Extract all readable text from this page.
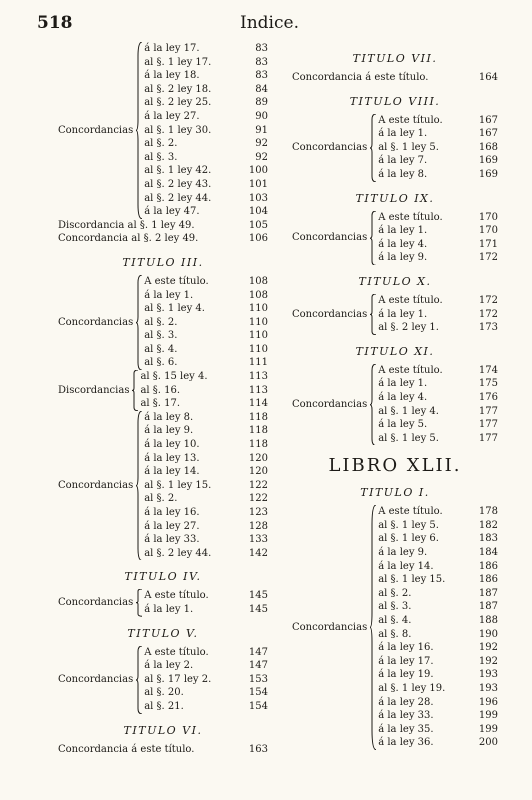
518	Indice.
Concordancias
á la ley 17.	83
al §. 1 ley 17.	83
á la ley 18.	83
al §. 2 ley 18.	84
al §. 2 ley 25.	89
á la ley 27.	90
al §. 1 ley 30.	91
al §. 2.	92
al §. 3.	92
al §. 1 ley 42.	100
al §. 2 ley 43.	101
al §. 2 ley 44.	103
á la ley 47.	104
Discordancia al §. 1 ley 49.	105
Concordancia al §. 2 ley 49.	106
TITULO III.
Concordancias
A este título.	108
á la ley 1.	108
al §. 1 ley 4.	110
al §. 2.	110
al §. 3.	110
al §. 4.	110
al §. 6.	111
Discordancias
al §. 15 ley 4.	113
al §. 16.	113
al §. 17.	114
Concordancias
á la ley 8.	118
á la ley 9.	118
á la ley 10.	118
á la ley 13.	120
á la ley 14.	120
al §. 1 ley 15.	122
al §. 2.	122
á la ley 16.	123
á la ley 27.	128
á la ley 33.	133
al §. 2 ley 44.	142
TITULO IV.
Concordancias
A este título.	145
á la ley 1.	145
TITULO V.
Concordancias
A este título.	147
á la ley 2.	147
al §. 17 ley 2.	153
al §. 20.	154
al §. 21.	154
TITULO VI.
Concordancia á este título.	163
TITULO VII.
Concordancia á este título.	164
TITULO VIII.
Concordancias
A este título.	167
á la ley 1.	167
al §. 1 ley 5.	168
á la ley 7.	169
á la ley 8.	169
TITULO IX.
Concordancias
A este título.	170
á la ley 1.	170
á la ley 4.	171
á la ley 9.	172
TITULO X.
Concordancias
A este título.	172
á la ley 1.	172
al §. 2 ley 1.	173
TITULO XI.
Concordancias
A este título.	174
á la ley 1.	175
á la ley 4.	176
al §. 1 ley 4.	177
á la ley 5.	177
al §. 1 ley 5.	177
LIBRO XLII.
TITULO I.
Concordancias
A este título.	178
al §. 1 ley 5.	182
al §. 1 ley 6.	183
á la ley 9.	184
á la ley 14.	186
al §. 1 ley 15.	186
al §. 2.	187
al §. 3.	187
al §. 4.	188
al §. 8.	190
á la ley 16.	192
á la ley 17.	192
á la ley 19.	193
al §. 1 ley 19.	193
á la ley 28.	196
á la ley 33.	199
á la ley 35.	199
á la ley 36.	200
